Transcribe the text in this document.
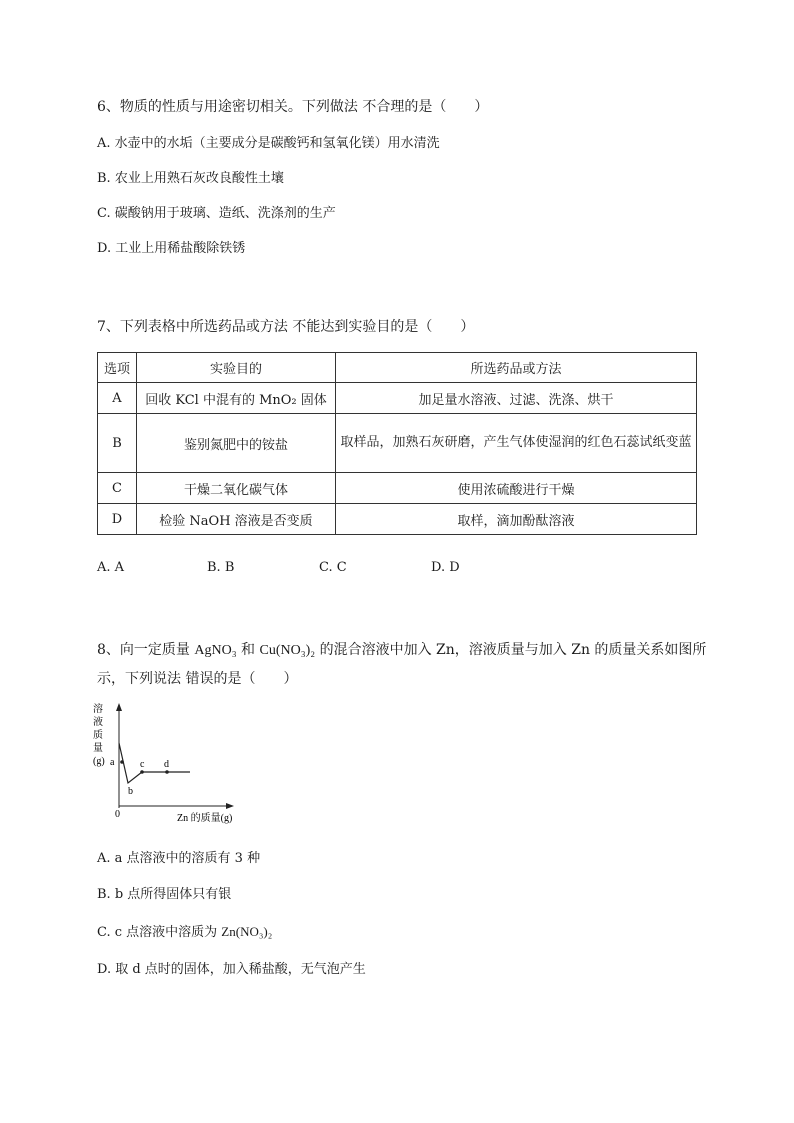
6、物质的性质与用途密切相关。下列做法 不合理的是（　　）
A. 水壶中的水垢（主要成分是碳酸钙和氢氧化镁）用水清洗
B. 农业上用熟石灰改良酸性土壤
C. 碳酸钠用于玻璃、造纸、洗涤剂的生产
D. 工业上用稀盐酸除铁锈
7、下列表格中所选药品或方法 不能达到实验目的是（　　）
选项	实验目的	所选药品或方法
A	回收 KCl 中混有的 MnO₂ 固体	加足量水溶液、过滤、洗涤、烘干
B	鉴别氮肥中的铵盐	取样品，加熟石灰研磨，产生气体使湿润的红色石蕊试纸变蓝
C	干燥二氧化碳气体	使用浓硫酸进行干燥
D	检验 NaOH 溶液是否变质	取样，滴加酚酞溶液
A. A	B. B	C. C	D. D
8、向一定质量 AgNO₃ 和 Cu(NO₃)₂ 的混合溶液中加入 Zn，溶液质量与加入 Zn 的质量关系如图所
示，下列说法 错误的是（　　）
a
b
c d
0	Zn 的质量(g)
溶
液
质
量
(g)
A. a 点溶液中的溶质有 3 种
B. b 点所得固体只有银
C. c 点溶液中溶质为 Zn(NO₃)₂
D. 取 d 点时的固体，加入稀盐酸，无气泡产生
